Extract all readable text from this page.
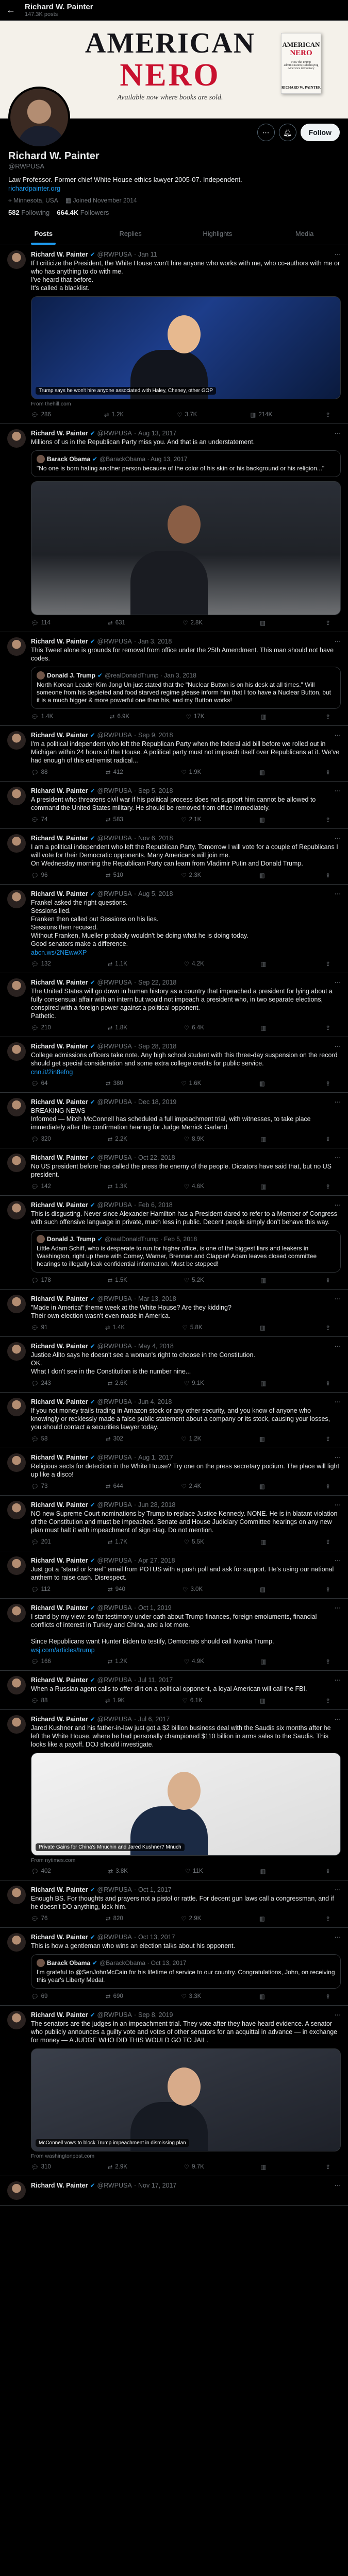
← Richard W. Painter
147.3K posts
AMERICAN
NERO
Available now where books are sold.
AMERICAN
NERO
How the Trump administration is destroying America's democracy
RICHARD W. PAINTER
⋯ 🔔︎	Follow
Richard W. Painter
@RWPUSA
Law Professor. Former chief White House ethics lawyer 2005-07. Independent.
richardpainter.org
⌖ Minnesota, USA ▦ Joined November 2014
582 Following 664.4K Followers
Posts	Replies	Highlights	Media
Richard W. Painter ✔ @RWPUSA · Jan 11	⋯
If I criticize the President, the White House won't hire anyone who works with me, who co-authors with me or who has anything to do with me.
I've heard that before.
It's called a blacklist.
Trump says he won't hire anyone associated with Haley, Cheney, other GOP
From thehill.com
💬︎ 286	⇄ 1.2K	♡ 3.7K	▥ 214K	⇪
Richard W. Painter ✔ @RWPUSA · Aug 13, 2017	⋯
Millions of us in the Republican Party miss you. And that is an understatement.
Barack Obama ✔ @BarackObama · Aug 13, 2017
"No one is born hating another person because of the color of his skin or his background or his religion..."
💬︎ 114	⇄ 631	♡ 2.8K	▥	⇪
Richard W. Painter ✔ @RWPUSA · Jan 3, 2018	⋯
This Tweet alone is grounds for removal from office under the 25th Amendment. This man should not have codes.
Donald J. Trump ✔ @realDonaldTrump · Jan 3, 2018
North Korean Leader Kim Jong Un just stated that the "Nuclear Button is on his desk at all times." Will someone from his depleted and food starved regime please inform him that I too have a Nuclear Button, but it is a much bigger & more powerful one than his, and my Button works!
💬︎ 1.4K	⇄ 6.9K	♡ 17K	▥	⇪
Richard W. Painter ✔ @RWPUSA · Sep 9, 2018	⋯
I'm a political independent who left the Republican Party when the federal aid bill before we rolled out in Michigan within 24 hours of the House. A political party must not impeach itself over Republicans at it. We've had enough of this extremist radical...
💬︎ 88	⇄ 412	♡ 1.9K	▥	⇪
Richard W. Painter ✔ @RWPUSA · Sep 5, 2018	⋯
A president who threatens civil war if his political process does not support him cannot be allowed to command the United States military. He should be removed from office immediately.
💬︎ 74	⇄ 583	♡ 2.1K	▥	⇪
Richard W. Painter ✔ @RWPUSA · Nov 6, 2018	⋯
I am a political independent who left the Republican Party. Tomorrow I will vote for a couple of Republicans I will vote for their Democratic opponents. Many Americans will join me.
On Wednesday morning the Republican Party can learn from Vladimir Putin and Donald Trump.
💬︎ 96	⇄ 510	♡ 2.3K	▥	⇪
Richard W. Painter ✔ @RWPUSA · Aug 5, 2018	⋯
Frankel asked the right questions.
Sessions lied.
Franken then called out Sessions on his lies.
Sessions then recused.
Without Franken, Mueller probably wouldn't be doing what he is doing today.
Good senators make a difference.
abcn.ws/2NEwwXP
💬︎ 132	⇄ 1.1K	♡ 4.2K	▥	⇪
Richard W. Painter ✔ @RWPUSA · Sep 22, 2018	⋯
The United States will go down in human history as a country that impeached a president for lying about a fully consensual affair with an intern but would not impeach a president who, in two separate elections, conspired with a foreign power against a political opponent.
Pathetic.
💬︎ 210	⇄ 1.8K	♡ 6.4K	▥	⇪
Richard W. Painter ✔ @RWPUSA · Sep 28, 2018	⋯
College admissions officers take note. Any high school student with this three-day suspension on the record should get special consideration and some extra college credits for public service.
cnn.it/2in8efng
💬︎ 64	⇄ 380	♡ 1.6K	▥	⇪
Richard W. Painter ✔ @RWPUSA · Dec 18, 2019	⋯
BREAKING NEWS
Informed — Mitch McConnell has scheduled a full impeachment trial, with witnesses, to take place immediately after the confirmation hearing for Judge Merrick Garland.
💬︎ 320	⇄ 2.2K	♡ 8.9K	▥	⇪
Richard W. Painter ✔ @RWPUSA · Oct 22, 2018	⋯
No US president before has called the press the enemy of the people. Dictators have said that, but no US president.
💬︎ 142	⇄ 1.3K	♡ 4.6K	▥	⇪
Richard W. Painter ✔ @RWPUSA · Feb 6, 2018	⋯
This is disgusting. Never since Alexander Hamilton has a President dared to refer to a Member of Congress with such offensive language in private, much less in public. Decent people simply don't behave this way.
Donald J. Trump ✔ @realDonaldTrump · Feb 5, 2018
Little Adam Schiff, who is desperate to run for higher office, is one of the biggest liars and leakers in Washington, right up there with Comey, Warner, Brennan and Clapper! Adam leaves closed committee hearings to illegally leak confidential information. Must be stopped!
💬︎ 178	⇄ 1.5K	♡ 5.2K	▥	⇪
Richard W. Painter ✔ @RWPUSA · Mar 13, 2018	⋯
"Made in America" theme week at the White House? Are they kidding?
Their own election wasn't even made in America.
💬︎ 91	⇄ 1.4K	♡ 5.8K	▥	⇪
Richard W. Painter ✔ @RWPUSA · May 4, 2018	⋯
Justice Alito says he doesn't see a woman's right to choose in the Constitution.
OK.
What I don't see in the Constitution is the number nine...
💬︎ 243	⇄ 2.6K	♡ 9.1K	▥	⇪
Richard W. Painter ✔ @RWPUSA · Jun 4, 2018	⋯
If you not money trails trading in Amazon stock or any other security, and you know of anyone who knowingly or recklessly made a false public statement about a company or its stock, causing your losses, you should contact a securities lawyer today.
💬︎ 58	⇄ 302	♡ 1.2K	▥	⇪
Richard W. Painter ✔ @RWPUSA · Aug 1, 2017	⋯
Religious sects for detection in the White House? Try one on the press secretary podium. The place will light up like a disco!
💬︎ 73	⇄ 644	♡ 2.4K	▥	⇪
Richard W. Painter ✔ @RWPUSA · Jun 28, 2018	⋯
NO new Supreme Court nominations by Trump to replace Justice Kennedy. NONE. He is in blatant violation of the Constitution and must be impeached. Senate and House Judiciary Committee hearings on any new plan must halt it with impeachment of sign stag. Do not mention.
💬︎ 201	⇄ 1.7K	♡ 5.5K	▥	⇪
Richard W. Painter ✔ @RWPUSA · Apr 27, 2018	⋯
Just got a "stand or kneel" email from POTUS with a push poll and ask for support. He's using our national anthem to raise cash. Disrespect.
💬︎ 112	⇄ 940	♡ 3.0K	▥	⇪
Richard W. Painter ✔ @RWPUSA · Oct 1, 2019	⋯
I stand by my view: so far testimony under oath about Trump finances, foreign emoluments, financial conflicts of interest in Turkey and China, and a lot more.

Since Republicans want Hunter Biden to testify, Democrats should call Ivanka Trump.
wsj.com/articles/trump
💬︎ 166	⇄ 1.2K	♡ 4.9K	▥	⇪
Richard W. Painter ✔ @RWPUSA · Jul 11, 2017	⋯
When a Russian agent calls to offer dirt on a political opponent, a loyal American will call the FBI.
💬︎ 88	⇄ 1.9K	♡ 6.1K	▥	⇪
Richard W. Painter ✔ @RWPUSA · Jul 6, 2017	⋯
Jared Kushner and his father-in-law just got a $2 billion business deal with the Saudis six months after he left the White House, where he had personally championed $110 billion in arms sales to the Saudis. This looks like a payoff. DOJ should investigate.
Private Gains for China's Mnuchin and Jared Kushner? Mnuch
From nytimes.com
💬︎ 402	⇄ 3.8K	♡ 11K	▥	⇪
Richard W. Painter ✔ @RWPUSA · Oct 1, 2017	⋯
Enough BS. For thoughts and prayers not a pistol or rattle. For decent gun laws call a congressman, and if he doesn't DO anything, kick him.
💬︎ 76	⇄ 820	♡ 2.9K	▥	⇪
Richard W. Painter ✔ @RWPUSA · Oct 13, 2017	⋯
This is how a gentleman who wins an election talks about his opponent.
Barack Obama ✔ @BarackObama · Oct 13, 2017
I'm grateful to @SenJohnMcCain for his lifetime of service to our country. Congratulations, John, on receiving this year's Liberty Medal.
💬︎ 69	⇄ 690	♡ 3.3K	▥	⇪
Richard W. Painter ✔ @RWPUSA · Sep 8, 2019	⋯
The senators are the judges in an impeachment trial. They vote after they have heard evidence. A senator who publicly announces a guilty vote and votes of other senators for an acquittal in advance — in exchange for money — A JUDGE WHO DID THIS WOULD GO TO JAIL.
McConnell vows to block Trump impeachment in dismissing plan
From washingtonpost.com
💬︎ 310	⇄ 2.9K	♡ 9.7K	▥	⇪
Richard W. Painter ✔ @RWPUSA · Nov 17, 2017	⋯
